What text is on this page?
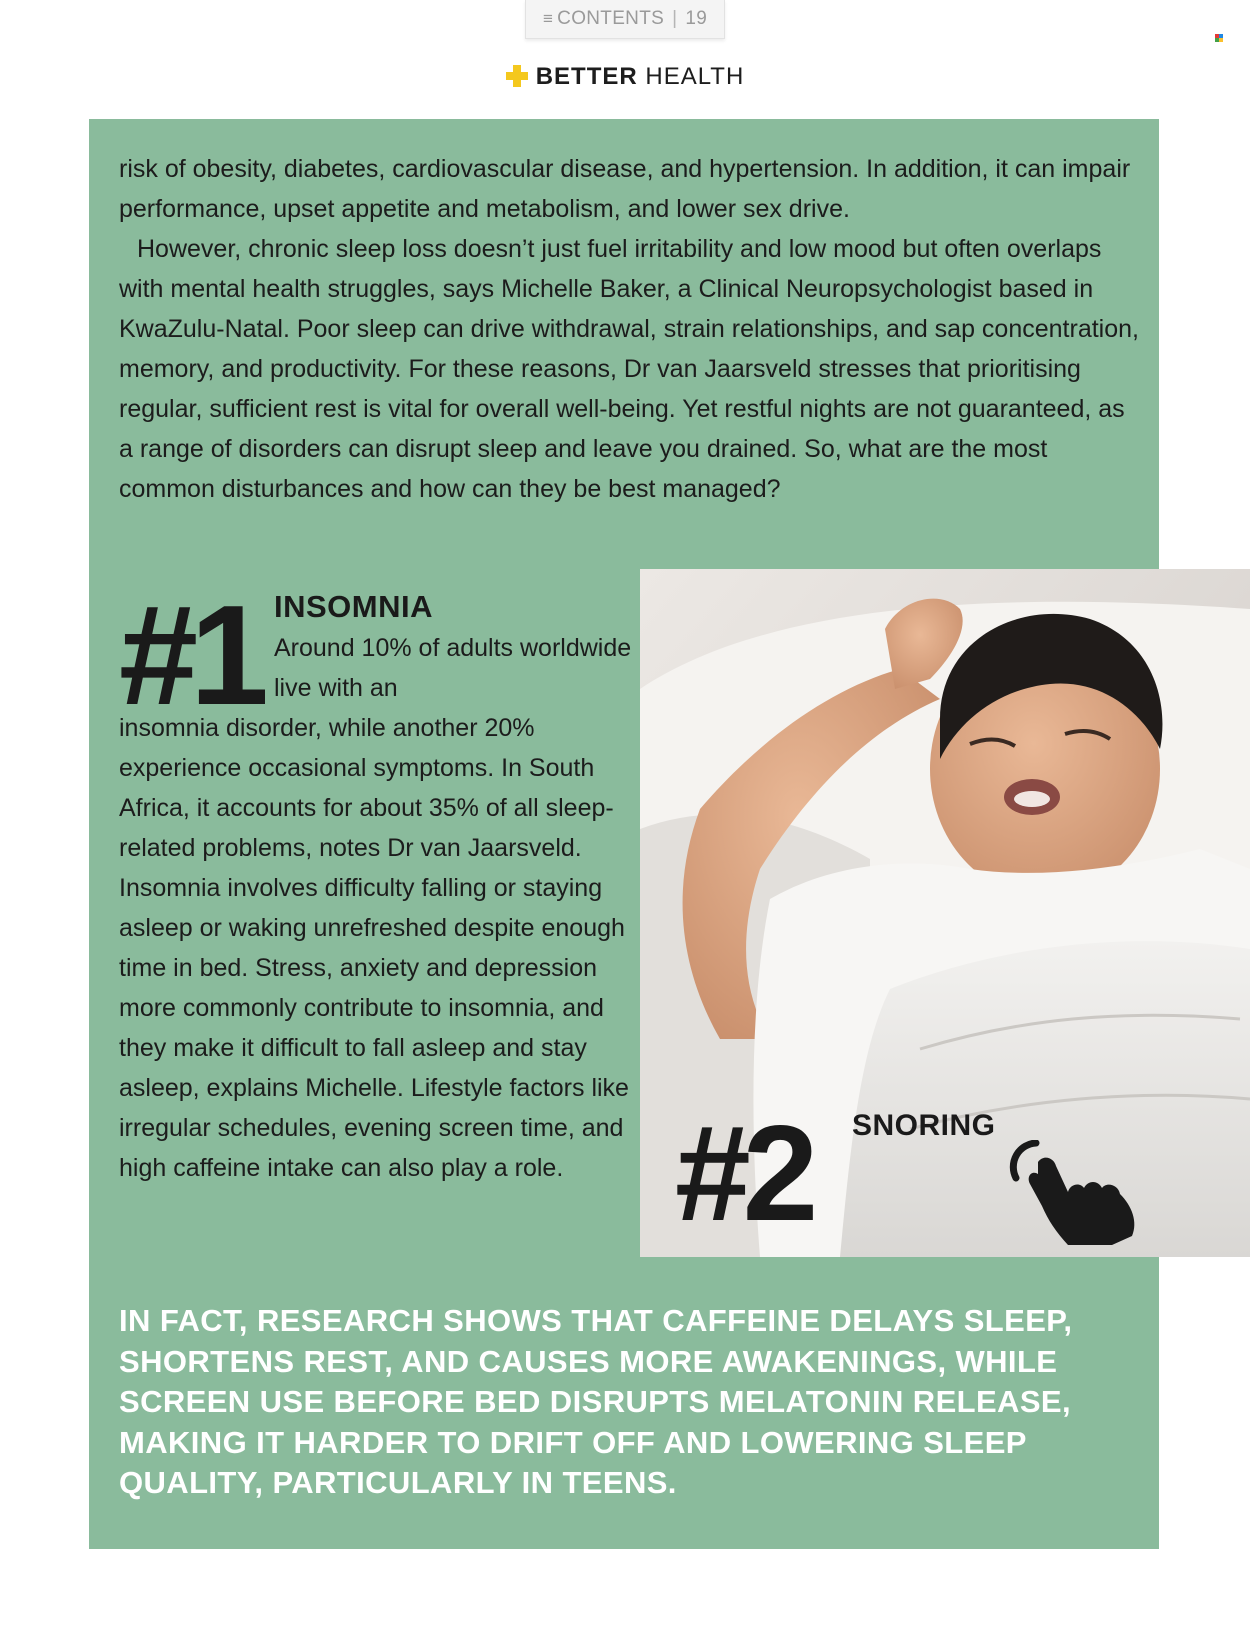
≡ CONTENTS | 19
BETTER HEALTH

risk of obesity, diabetes, cardiovascular disease, and hypertension. In addition, it can impair performance, upset appetite and metabolism, and lower sex drive.

However, chronic sleep loss doesn’t just fuel irritability and low mood but often overlaps with mental health struggles, says Michelle Baker, a Clinical Neuropsychologist based in KwaZulu-Natal. Poor sleep can drive withdrawal, strain relationships, and sap concentration, memory, and productivity. For these reasons, Dr van Jaarsveld stresses that prioritising regular, sufficient rest is vital for overall well-being. Yet restful nights are not guaranteed, as a range of disorders can disrupt sleep and leave you drained. So, what are the most common disturbances and how can they be best managed?

#1 INSOMNIA
Around 10% of adults worldwide live with an
insomnia disorder, while another 20% experience occasional symptoms. In South Africa, it accounts for about 35% of all sleep-related problems, notes Dr van Jaarsveld. Insomnia involves difficulty falling or staying asleep or waking unrefreshed despite enough time in bed. Stress, anxiety and depression more commonly contribute to insomnia, and they make it difficult to fall asleep and stay asleep, explains Michelle. Lifestyle factors like irregular schedules, evening screen time, and high caffeine intake can also play a role. #2 SNORING
IN FACT, RESEARCH SHOWS THAT CAFFEINE DELAYS SLEEP, SHORTENS REST, AND CAUSES MORE AWAKENINGS, WHILE SCREEN USE BEFORE BED DISRUPTS MELATONIN RELEASE, MAKING IT HARDER TO DRIFT OFF AND LOWERING SLEEP QUALITY, PARTICULARLY IN TEENS.
